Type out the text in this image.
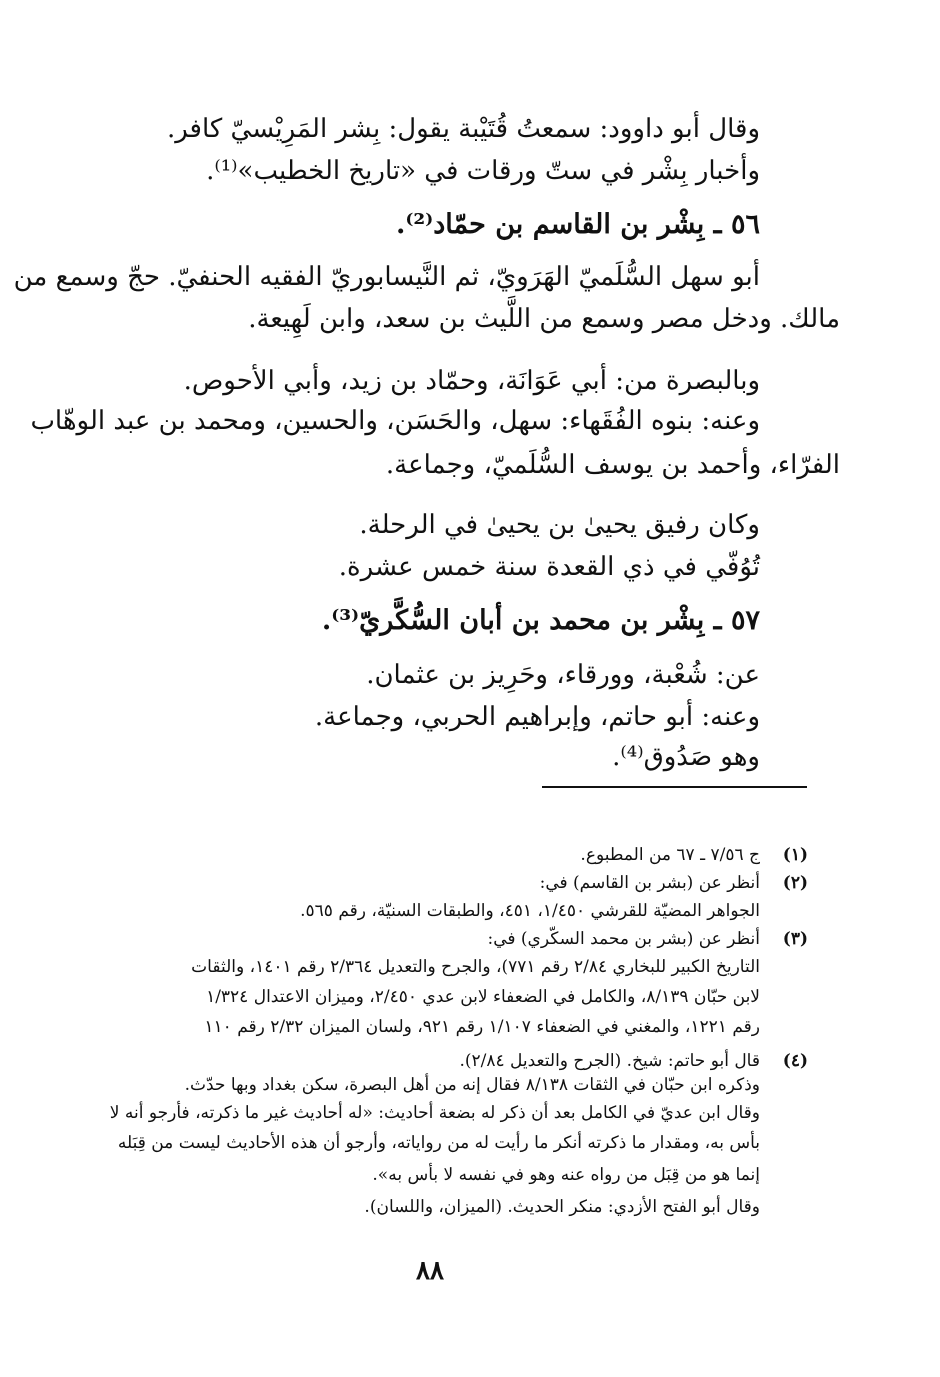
وقال أبو داوود: سمعتُ قُتَيْبة يقول: بِشر المَرِيْسيّ كافر.

وأخبار بِشْر في ستّ ورقات في «تاريخ الخطيب»⁽¹⁾.

٥٦ ـ بِشْر بن القاسم بن حمّاد⁽²⁾.

أبو سهل السُّلَميّ الهَرَويّ، ثم النَّيسابوريّ الفقيه الحنفيّ. حجّ وسمع من

مالك. ودخل مصر وسمع من اللَّيث بن سعد، وابن لَهِيعة.

وبالبصرة من: أبي عَوَانَة، وحمّاد بن زيد، وأبي الأحوص.

وعنه: بنوه الفُقَهاء: سهل، والحَسَن، والحسين، ومحمد بن عبد الوهّاب

الفرّاء، وأحمد بن يوسف السُّلَميّ، وجماعة.

وكان رفيق يحيىٰ بن يحيىٰ في الرحلة.

تُوُفّي في ذي القعدة سنة خمس عشرة.

٥٧ ـ بِشْر بن محمد بن أبان السُّكَّريّ⁽³⁾.

عن: شُعْبة، وورقاء، وحَرِيز بن عثمان.

وعنه: أبو حاتم، وإبراهيم الحربي، وجماعة.

وهو صَدُوق⁽⁴⁾.

(١)
(٢)
(٣)
(٤)
ج ٧/٥٦ ـ ٦٧ من المطبوع.
أنظر عن (بشر بن القاسم) في:
الجواهر المضيّة للقرشي ١/٤٥٠، ٤٥١، والطبقات السنيّة، رقم ٥٦٥.
أنظر عن (بشر بن محمد السكّري) في:
التاريخ الكبير للبخاري ٢/٨٤ رقم ٧٧١)، والجرح والتعديل ٢/٣٦٤ رقم ١٤٠١، والثقات
لابن حبّان ٨/١٣٩، والكامل في الضعفاء لابن عدي ٢/٤٥٠، وميزان الاعتدال ١/٣٢٤
رقم ١٢٢١، والمغني في الضعفاء ١/١٠٧ رقم ٩٢١، ولسان الميزان ٢/٣٢ رقم ١١٠
قال أبو حاتم: شيخ. (الجرح والتعديل ٢/٨٤).
وذكره ابن حبّان في الثقات ٨/١٣٨ فقال إنه من أهل البصرة، سكن بغداد وبها حدّث.
وقال ابن عديّ في الكامل بعد أن ذكر له بضعة أحاديث: «له أحاديث غير ما ذكرته، فأرجو أنه لا
بأس به، ومقدار ما ذكرته أنكر ما رأيت له من رواياته، وأرجو أن هذه الأحاديث ليست من قِبَله
إنما هو من قِبَل من رواه عنه وهو في نفسه لا بأس به».
وقال أبو الفتح الأزدي: منكر الحديث. (الميزان، واللسان).
٨٨
